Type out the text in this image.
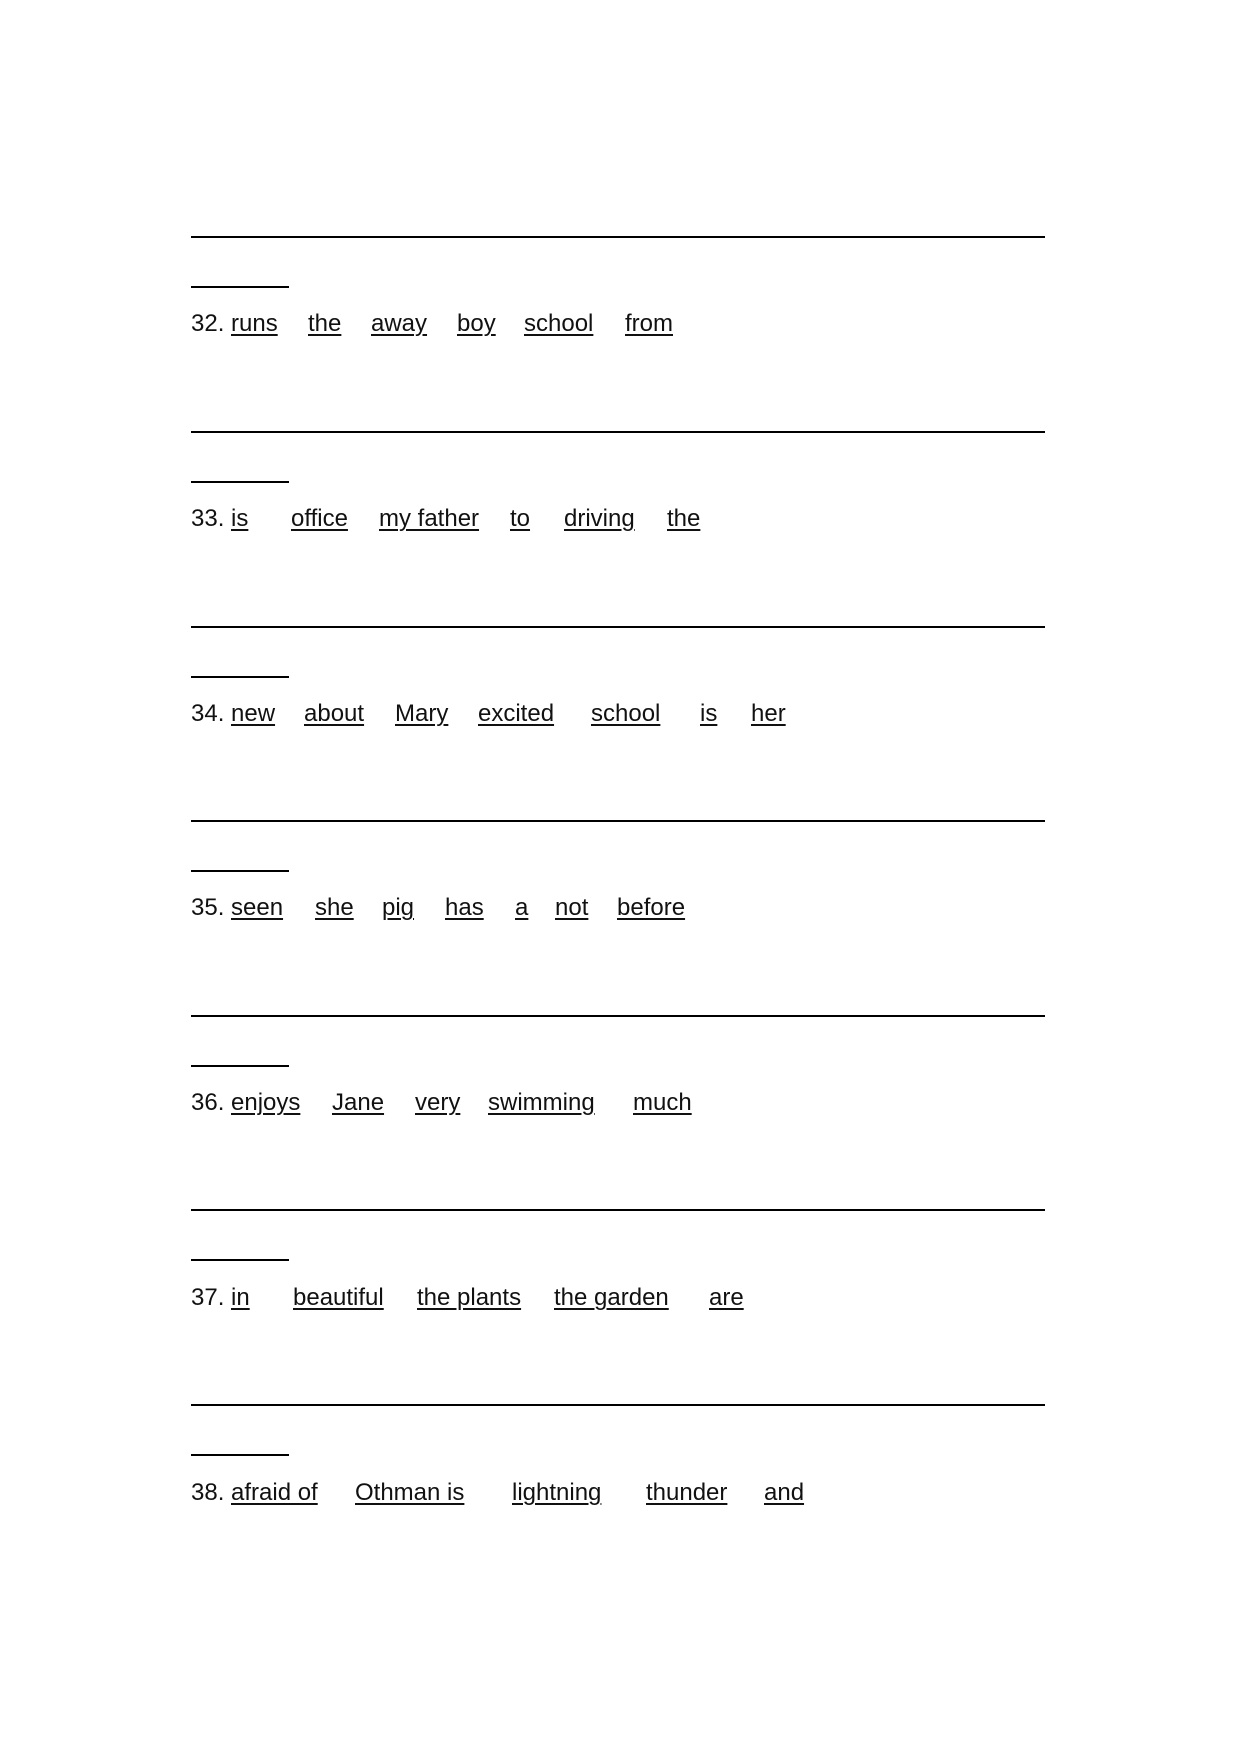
32. runs the away boy school from
33. is office my father to driving the
34. new about Mary excited school is her
35. seen she pig has a not before
36. enjoys Jane very swimming much
37. in beautiful the plants the garden are
38. afraid of Othman is lightning thunder and
